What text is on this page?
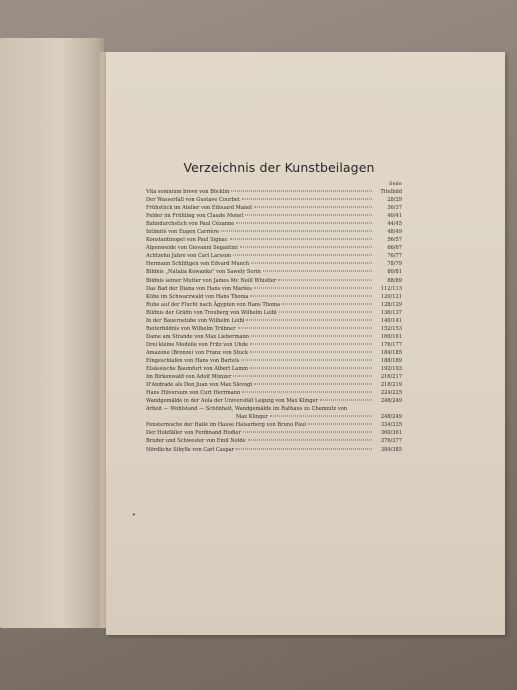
Verzeichnis der Kunstbeilagen
Seite
Vita somnium breve von Böcklin	Titelbild
Der Wasserfall von Gustave Courbet	28/29
Frühstück im Atelier von Edouard Manet	36/37
Felder im Frühling von Claude Monet	40/41
Bahndurchstich von Paul Cézanne	44/45
Intimité von Eugen Carrière	48/49
Konstantinopel von Paul Signac	56/57
Alpenweide von Giovanni Segantini	66/67
Achtzehn Jahre von Carl Larsson	76/77
Hermann Schlittgen von Edvard Munch	78/79
Bildnis „Natalia Kowanko" von Sawely Sorin	80/81
Bildnis seiner Mutter von James Mc Neill Whistler	88/89
Das Bad der Diana von Hans von Marées	112/113
Kühe im Schwarzwald von Hans Thoma	120/121
Ruhe auf der Flucht nach Ägypten von Hans Thoma	128/129
Bildnis der Gräfin von Treuberg von Wilhelm Leibl	136/137
In der Bauernstube von Wilhelm Leibl	140/141
Reiterbildnis von Wilhelm Trübner	152/153
Dame am Strande von Max Liebermann	160/161
Drei kleine Modelle von Fritz von Uhde	176/177
Amazone (Bronze) von Franz von Stuck	184/185
Eingeschlafen von Hans von Bartels	188/189
Elsässische Baumfurt von Albert Lamm	192/193
Im Birkenwald von Adolf Münzer	216/217
D'Andrade als Don Juan von Max Slevogt	218/219
Hans Hilversum von Curt Herrmann	224/225
Wandgemälde in der Aula der Universität Leipzig von Max Klinger	248/249
Arbeit — Wohlstand — Schönheit, Wandgemälde im Rathaus zu Chemnitz von
Max Klinger	248/249
Fensternische der Halle im Hause Haiserberg von Bruno Paul	334/335
Der Holzfäller von Ferdinand Hodler	360/361
Bruder und Schwester von Emil Nolde	376/377
Nördliche Sibylle von Carl Caspar	384/385
•
